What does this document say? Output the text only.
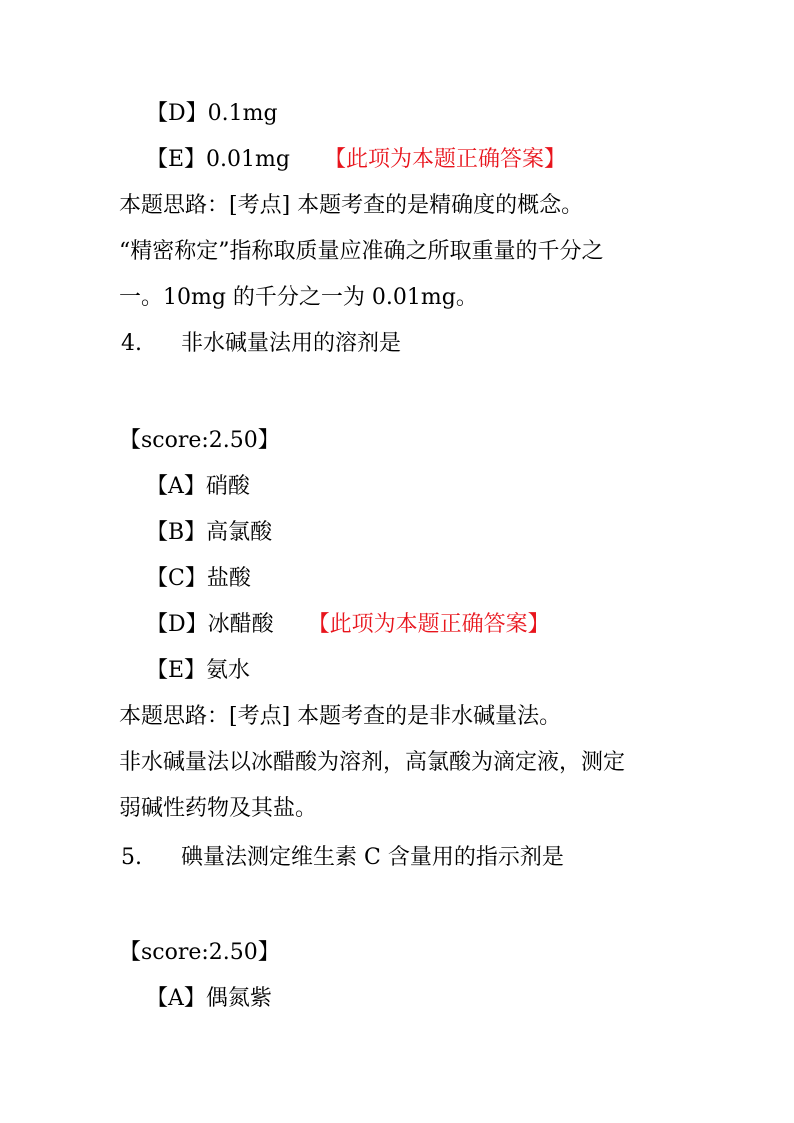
【D】0.1mg
【E】0.01mg 【此项为本题正确答案】
本题思路：[考点] 本题考查的是精确度的概念。
“精密称定”指称取质量应准确之所取重量的千分之
一。10mg 的千分之一为 0.01mg。
4. 非水碱量法用的溶剂是
【score:2.50】
【A】硝酸
【B】高氯酸
【C】盐酸
【D】冰醋酸 【此项为本题正确答案】
【E】氨水
本题思路：[考点] 本题考查的是非水碱量法。
非水碱量法以冰醋酸为溶剂，高氯酸为滴定液，测定
弱碱性药物及其盐。
5. 碘量法测定维生素 C 含量用的指示剂是
【score:2.50】
【A】偶氮紫
